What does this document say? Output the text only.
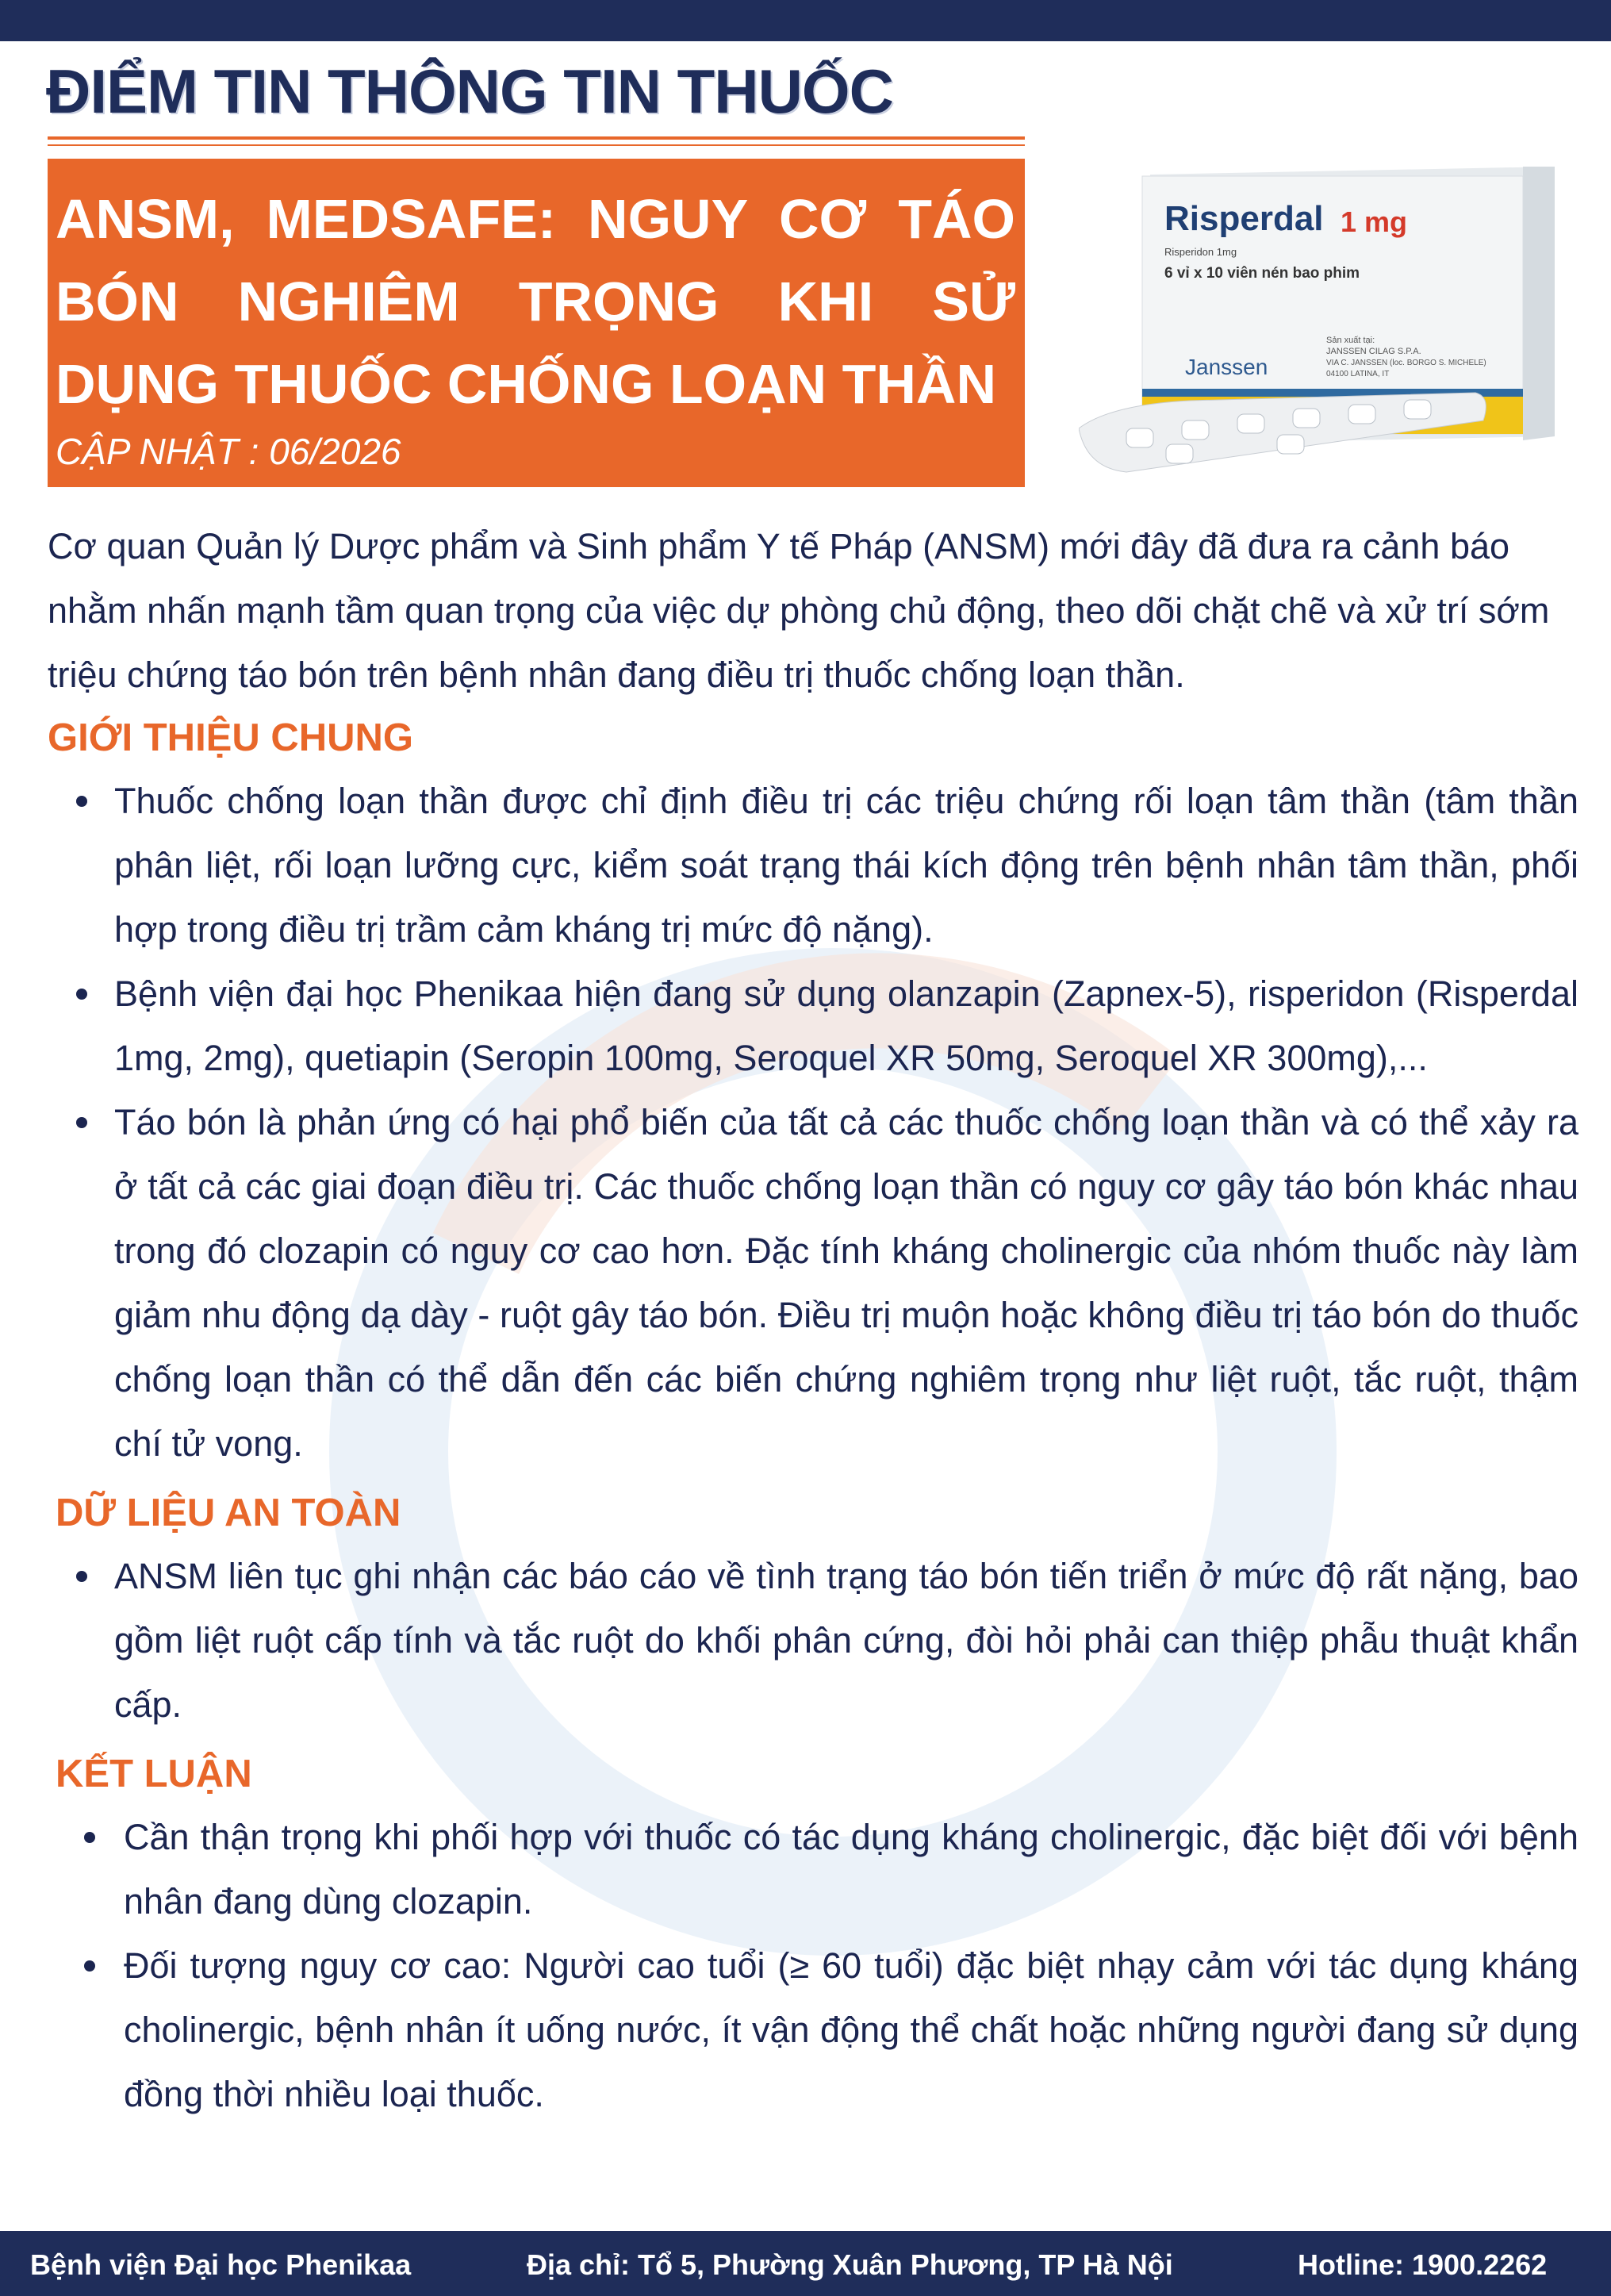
ĐIỂM TIN THÔNG TIN THUỐC

ANSM, MEDSAFE: NGUY CƠ TÁO BÓN NGHIÊM TRỌNG KHI SỬ DỤNG THUỐC CHỐNG LOẠN THẦN

CẬP NHẬT : 06/2026

Risperdal 1 mg
Risperidon 1mg
6 vỉ x 10 viên nén bao phim
Janssen
Sản xuất tại:
JANSSEN CILAG S.P.A.
VIA C. JANSSEN (loc. BORGO S. MICHELE)
04100 LATINA, IT

Cơ quan Quản lý Dược phẩm và Sinh phẩm Y tế Pháp (ANSM) mới đây đã đưa ra cảnh báo nhằm nhấn mạnh tầm quan trọng của việc dự phòng chủ động, theo dõi chặt chẽ và xử trí sớm triệu chứng táo bón trên bệnh nhân đang điều trị thuốc chống loạn thần.

GIỚI THIỆU CHUNG
Thuốc chống loạn thần được chỉ định điều trị các triệu chứng rối loạn tâm thần (tâm thần phân liệt, rối loạn lưỡng cực, kiểm soát trạng thái kích động trên bệnh nhân tâm thần, phối hợp trong điều trị trầm cảm kháng trị mức độ nặng).
Bệnh viện đại học Phenikaa hiện đang sử dụng olanzapin (Zapnex-5), risperidon (Risperdal 1mg, 2mg), quetiapin (Seropin 100mg, Seroquel XR 50mg, Seroquel XR 300mg),...
Táo bón là phản ứng có hại phổ biến của tất cả các thuốc chống loạn thần và có thể xảy ra ở tất cả các giai đoạn điều trị. Các thuốc chống loạn thần có nguy cơ gây táo bón khác nhau trong đó clozapin có nguy cơ cao hơn. Đặc tính kháng cholinergic của nhóm thuốc này làm giảm nhu động dạ dày - ruột gây táo bón. Điều trị muộn hoặc không điều trị táo bón do thuốc chống loạn thần có thể dẫn đến các biến chứng nghiêm trọng như liệt ruột, tắc ruột, thậm chí tử vong.
DỮ LIỆU AN TOÀN
ANSM liên tục ghi nhận các báo cáo về tình trạng táo bón tiến triển ở mức độ rất nặng, bao gồm liệt ruột cấp tính và tắc ruột do khối phân cứng, đòi hỏi phải can thiệp phẫu thuật khẩn cấp.
KẾT LUẬN
Cần thận trọng khi phối hợp với thuốc có tác dụng kháng cholinergic, đặc biệt đối với bệnh nhân đang dùng clozapin.
Đối tượng nguy cơ cao: Người cao tuổi (≥ 60 tuổi) đặc biệt nhạy cảm với tác dụng kháng cholinergic, bệnh nhân ít uống nước, ít vận động thể chất hoặc những người đang sử dụng đồng thời nhiều loại thuốc.
Bệnh viện Đại học Phenikaa	Địa chỉ: Tổ 5, Phường Xuân Phương, TP Hà Nội	Hotline: 1900.2262
